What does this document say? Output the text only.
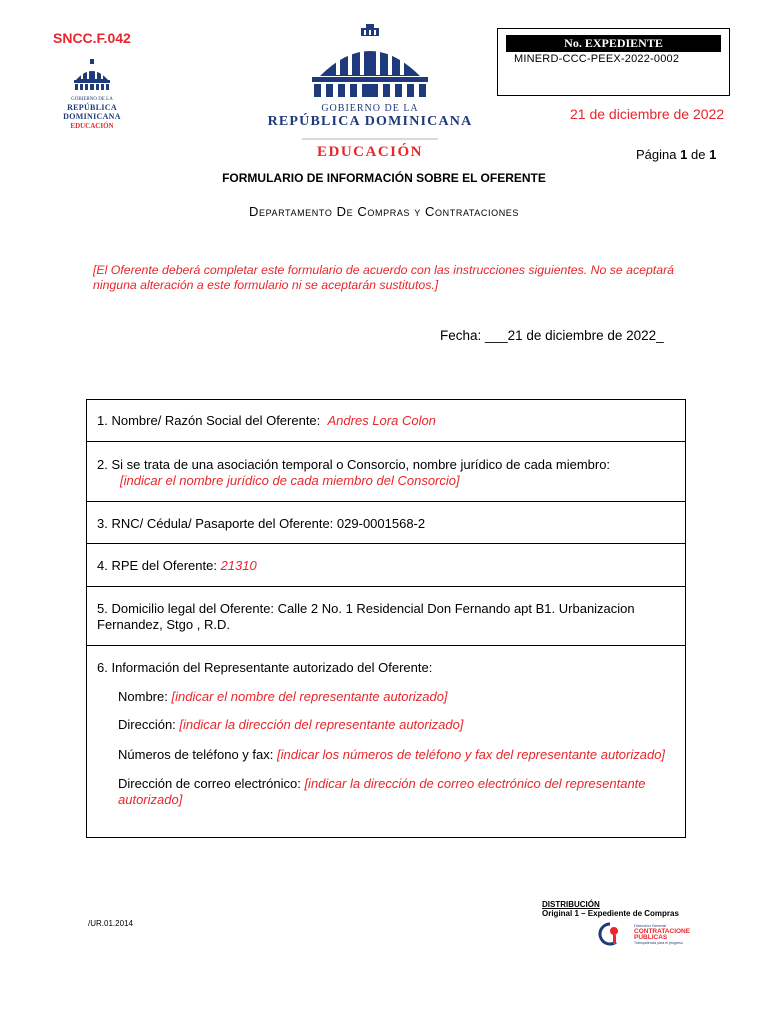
SNCC.F.042
GOBIERNO DE LA
REPÚBLICA DOMINICANA
EDUCACIÓN
GOBIERNO DE LA
REPÚBLICA DOMINICANA
EDUCACIÓN
No. EXPEDIENTE
MINERD-CCC-PEEX-2022-0002
21 de diciembre de 2022
Página 1 de 1
FORMULARIO DE INFORMACIÓN SOBRE EL OFERENTE
Departamento De Compras y Contrataciones
[El Oferente deberá completar este formulario de acuerdo con las instrucciones siguientes. No se aceptará ninguna alteración a este formulario ni se aceptarán sustitutos.]
Fecha: ___21 de diciembre de 2022_
1. Nombre/ Razón Social del Oferente: Andres Lora Colon

2. Si se trata de una asociación temporal o Consorcio, nombre jurídico de cada miembro:
[indicar el nombre jurídico de cada miembro del Consorcio]

3. RNC/ Cédula/ Pasaporte del Oferente: 029-0001568-2
4. RPE del Oferente: 21310

5. Domicilio legal del Oferente: Calle 2 No. 1 Residencial Don Fernando apt B1. Urbanizacion Fernandez, Stgo , R.D.

6. Información del Representante autorizado del Oferente:
Nombre: [indicar el nombre del representante autorizado]
Dirección: [indicar la dirección del representante autorizado]
Números de teléfono y fax: [indicar los números de teléfono y fax del representante autorizado]
Dirección de correo electrónico: [indicar la dirección de correo electrónico del representante autorizado]
/UR.01.2014
DISTRIBUCIÓN
Original 1 – Expediente de Compras
Dirección General
CONTRATACIONES
PÚBLICAS
Transparencia para el progreso
